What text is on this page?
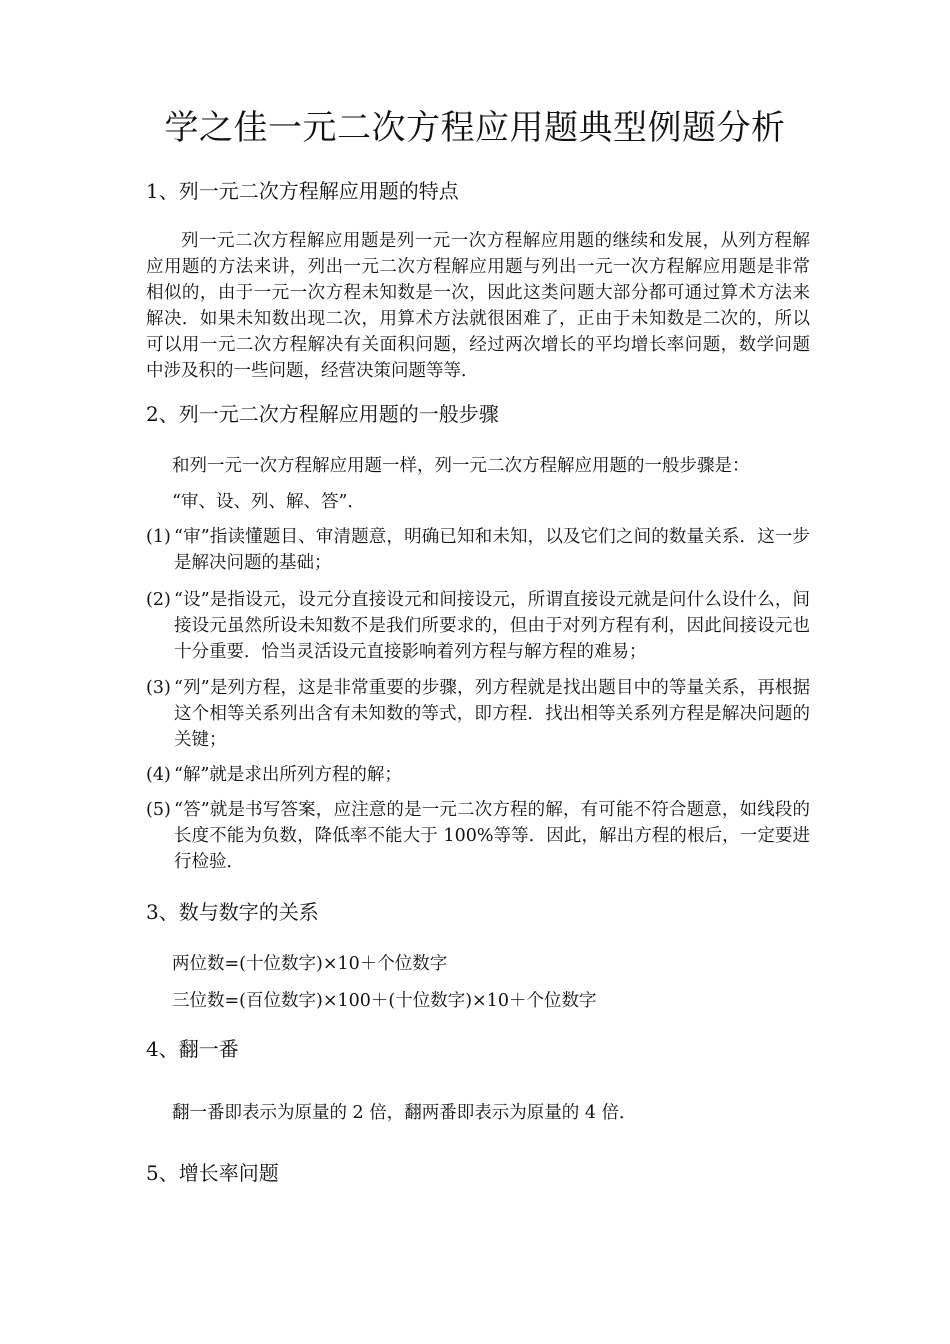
学之佳一元二次方程应用题典型例题分析
1、列一元二次方程解应用题的特点

列一元二次方程解应用题是列一元一次方程解应用题的继续和发展，从列方程解应用题的方法来讲，列出一元二次方程解应用题与列出一元一次方程解应用题是非常相似的，由于一元一次方程未知数是一次，因此这类问题大部分都可通过算术方法来解决．如果未知数出现二次，用算术方法就很困难了，正由于未知数是二次的，所以可以用一元二次方程解决有关面积问题，经过两次增长的平均增长率问题，数学问题中涉及积的一些问题，经营决策问题等等．

2、列一元二次方程解应用题的一般步骤

和列一元一次方程解应用题一样，列一元二次方程解应用题的一般步骤是：

“审、设、列、解、答”．

(1) “审”指读懂题目、审清题意，明确已知和未知，以及它们之间的数量关系．这一步是解决问题的基础；
(2) “设”是指设元，设元分直接设元和间接设元，所谓直接设元就是问什么设什么，间接设元虽然所设未知数不是我们所要求的，但由于对列方程有利，因此间接设元也十分重要．恰当灵活设元直接影响着列方程与解方程的难易；
(3) “列”是列方程，这是非常重要的步骤，列方程就是找出题目中的等量关系，再根据这个相等关系列出含有未知数的等式，即方程．找出相等关系列方程是解决问题的关键；
(4) “解”就是求出所列方程的解；
(5) “答”就是书写答案，应注意的是一元二次方程的解，有可能不符合题意，如线段的长度不能为负数，降低率不能大于 100%等等．因此，解出方程的根后，一定要进行检验．
3、数与数字的关系

两位数=(十位数字)×10＋个位数字

三位数=(百位数字)×100＋(十位数字)×10＋个位数字

4、翻一番

翻一番即表示为原量的 2 倍，翻两番即表示为原量的 4 倍．

5、增长率问题
